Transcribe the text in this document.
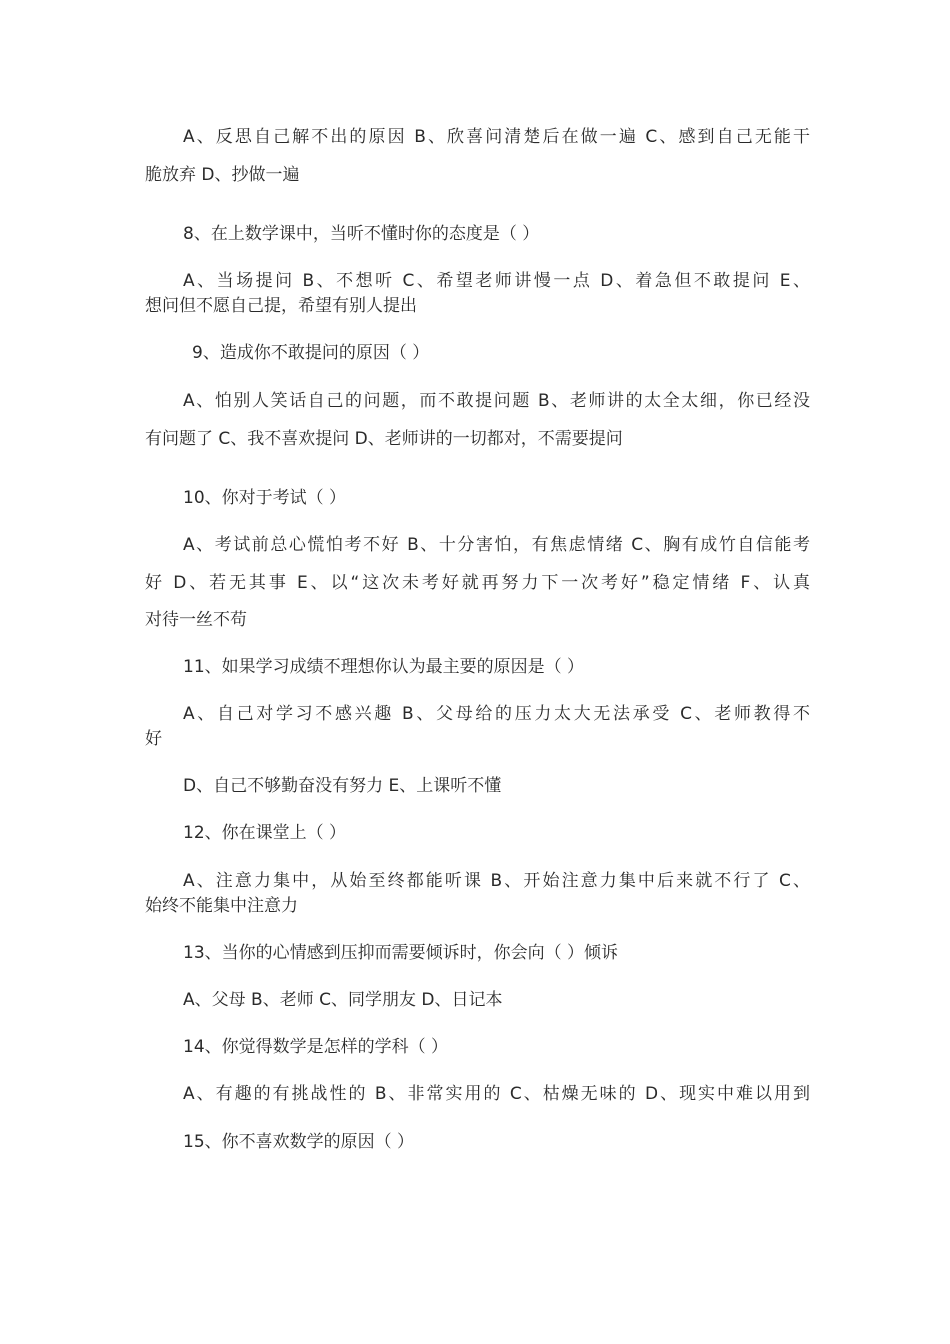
A、反思自己解不出的原因 B、欣喜问清楚后在做一遍 C、感到自己无能干
脆放弃 D、抄做一遍
8、在上数学课中，当听不懂时你的态度是（ ）
A、当场提问 B、不想听 C、希望老师讲慢一点 D、着急但不敢提问 E、
想问但不愿自己提，希望有别人提出
9、造成你不敢提问的原因（ ）
A、怕别人笑话自己的问题，而不敢提问题 B、老师讲的太全太细，你已经没
有问题了 C、我不喜欢提问 D、老师讲的一切都对，不需要提问
10、你对于考试（ ）
A、考试前总心慌怕考不好 B、十分害怕，有焦虑情绪 C、胸有成竹自信能考
好 D、若无其事 E、以“这次未考好就再努力下一次考好”稳定情绪 F、认真
对待一丝不苟
11、如果学习成绩不理想你认为最主要的原因是（ ）
A、自己对学习不感兴趣 B、父母给的压力太大无法承受 C、老师教得不
好
D、自己不够勤奋没有努力 E、上课听不懂
12、你在课堂上（ ）
A、注意力集中，从始至终都能听课 B、开始注意力集中后来就不行了 C、
始终不能集中注意力
13、当你的心情感到压抑而需要倾诉时，你会向（ ）倾诉
A、父母 B、老师 C、同学朋友 D、日记本
14、你觉得数学是怎样的学科（ ）
A、有趣的有挑战性的 B、非常实用的 C、枯燥无味的 D、现实中难以用到
15、你不喜欢数学的原因（ ）
